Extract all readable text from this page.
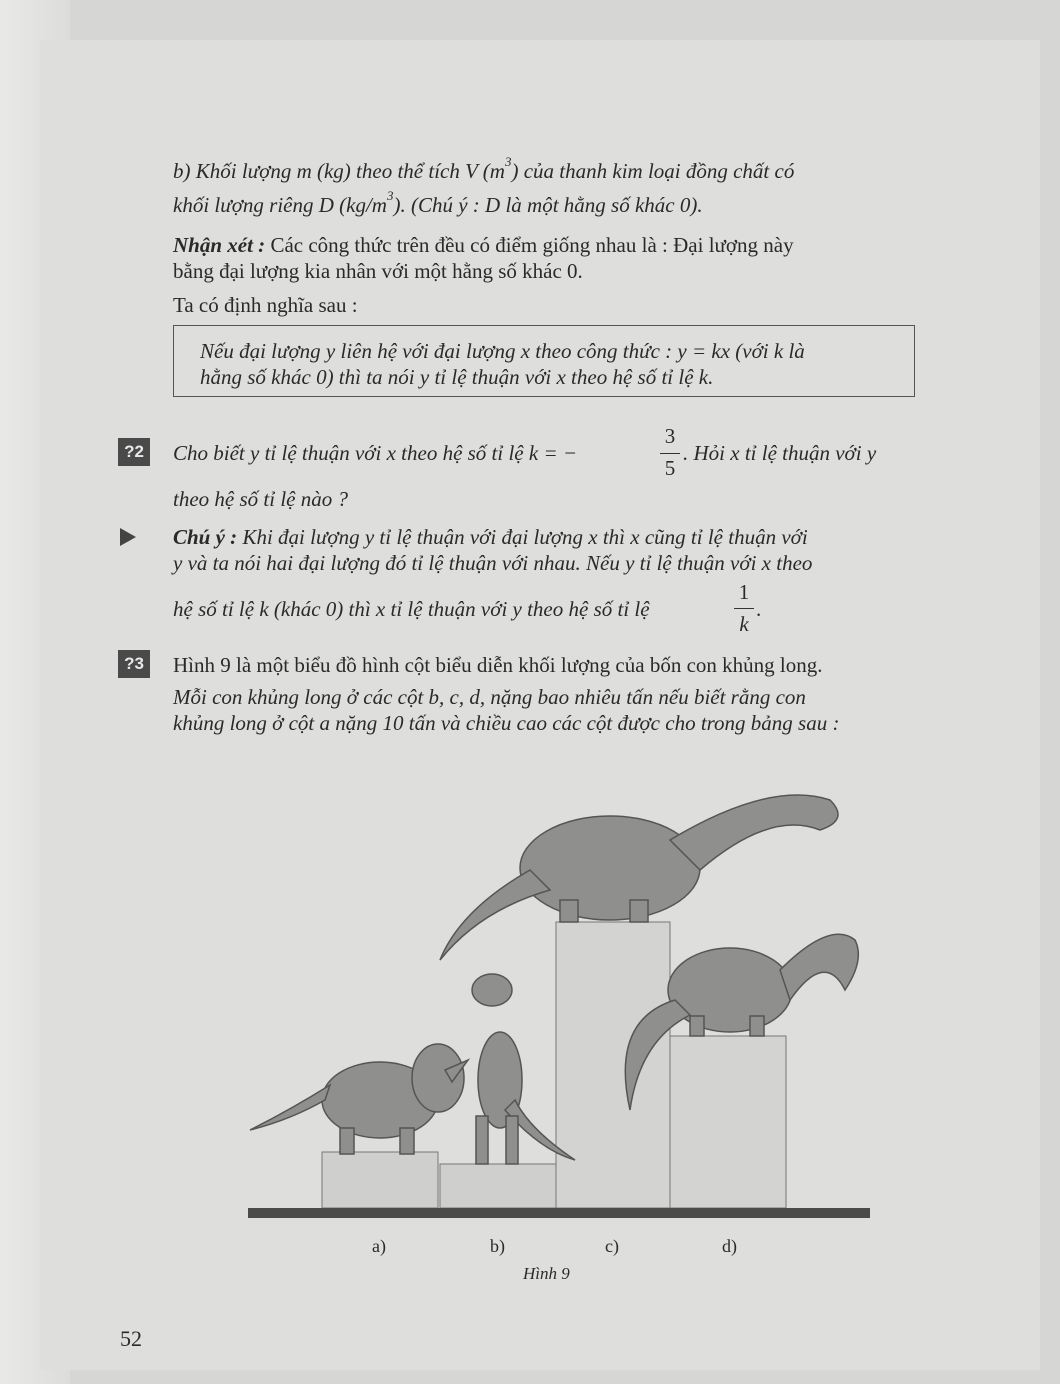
b) Khối lượng m (kg) theo thể tích V $(m^3)$ của thanh kim loại đồng chất có
khối lượng riêng D $(kg/m^3)$. (Chú ý : D là một hằng số khác 0).
Nhận xét : Các công thức trên đều có điểm giống nhau là : Đại lượng này
bằng đại lượng kia nhân với một hằng số khác 0.
Ta có định nghĩa sau :
Nếu đại lượng y liên hệ với đại lượng x theo công thức : y = kx (với k là
hằng số khác 0) thì ta nói y tỉ lệ thuận với x theo hệ số tỉ lệ k.
?2 Cho biết y tỉ lệ thuận với x theo hệ số tỉ lệ k = −
3
5
. Hỏi x tỉ lệ thuận với y
theo hệ số tỉ lệ nào ?
Chú ý : Khi đại lượng y tỉ lệ thuận với đại lượng x thì x cũng tỉ lệ thuận với
y và ta nói hai đại lượng đó tỉ lệ thuận với nhau. Nếu y tỉ lệ thuận với x theo
hệ số tỉ lệ k (khác 0) thì x tỉ lệ thuận với y theo hệ số tỉ lệ
1
k
.
?3 Hình 9 là một biểu đồ hình cột biểu diễn khối lượng của bốn con khủng long.
Mỗi con khủng long ở các cột b, c, d, nặng bao nhiêu tấn nếu biết rằng con
khủng long ở cột a nặng 10 tấn và chiều cao các cột được cho trong bảng sau :
a)	b)	c)	d)
Hình 9
52
